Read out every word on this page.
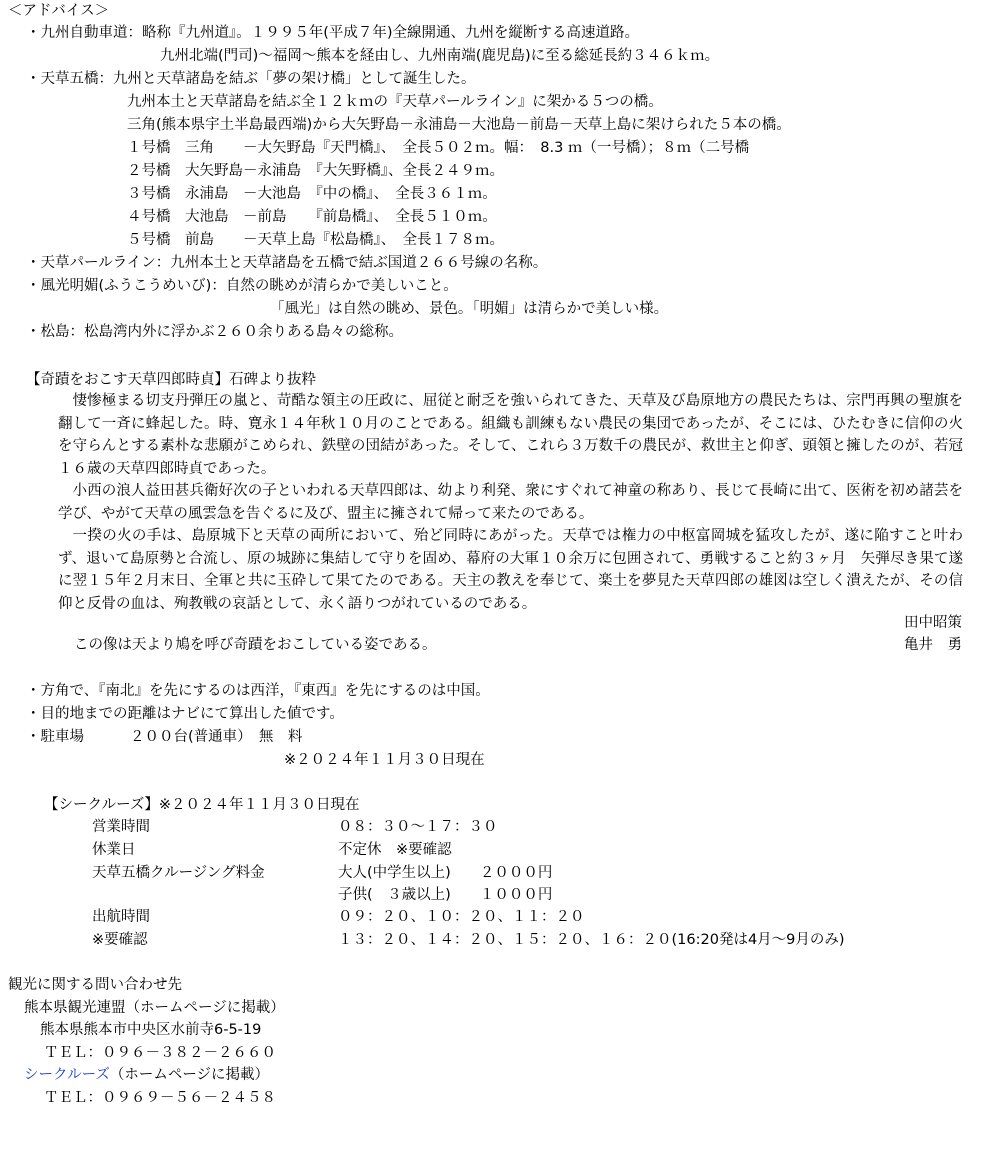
＜アドバイス＞
・九州自動車道：略称『九州道』。１９９５年(平成７年)全線開通、九州を縦断する高速道路。
九州北端(門司)～福岡～熊本を経由し、九州南端(鹿児島)に至る総延長約３４６ｋｍ。
・天草五橋：九州と天草諸島を結ぶ「夢の架け橋」として誕生した。
九州本土と天草諸島を結ぶ全１２ｋｍの『天草パールライン』に架かる５つの橋。
三角(熊本県宇土半島最西端)から大矢野島－永浦島－大池島－前島－天草上島に架けられた５本の橋。
１号橋　三角　　－大矢野島『天門橋』、　全長５０２ｍ。幅：　8.3 ｍ（一号橋）；８ｍ（二号橋
２号橋　大矢野島－永浦島　『大矢野橋』、全長２４９ｍ。
３号橋　永浦島　－大池島　『中の橋』、　全長３６１ｍ。
４号橋　大池島　－前島　　『前島橋』、　全長５１０ｍ。
５号橋　前島　　－天草上島『松島橋』、　全長１７８ｍ。
・天草パールライン：九州本土と天草諸島を五橋で結ぶ国道２６６号線の名称。
・風光明媚(ふうこうめいび)：自然の眺めが清らかで美しいこと。
「風光」は自然の眺め、景色。「明媚」は清らかで美しい様。
・松島：松島湾内外に浮かぶ２６０余りある島々の総称。
【奇蹟をおこす天草四郎時貞】石碑より抜粋

悽惨極まる切支丹弾圧の嵐と、苛酷な領主の圧政に、屈従と耐乏を強いられてきた、天草及び島原地方の農民たちは、宗門再興の聖旗を翻して一斉に蜂起した。時、寛永１４年秋１０月のことである。組織も訓練もない農民の集団であったが、そこには、ひたむきに信仰の火を守らんとする素朴な悲願がこめられ、鉄壁の団結があった。そして、これら３万数千の農民が、救世主と仰ぎ、頭領と擁したのが、若冠１６歳の天草四郎時貞であった。

小西の浪人益田甚兵衛好次の子といわれる天草四郎は、幼より利発、衆にすぐれて神童の称あり、長じて長崎に出て、医術を初め諸芸を学び、やがて天草の風雲急を告ぐるに及び、盟主に擁されて帰って来たのである。

一揆の火の手は、島原城下と天草の両所において、殆ど同時にあがった。天草では権力の中枢富岡城を猛攻したが、遂に陥すこと叶わず、退いて島原勢と合流し、原の城跡に集結して守りを固め、幕府の大軍１０余万に包囲されて、勇戦すること約３ヶ月　矢弾尽き果て遂に翌１５年２月末日、全軍と共に玉砕して果てたのである。天主の教えを奉じて、楽土を夢見た天草四郎の雄図は空しく潰えたが、その信仰と反骨の血は、殉教戦の哀話として、永く語りつがれているのである。

田中昭策
この像は天より鳩を呼び奇蹟をおこしている姿である。	亀井　勇
・方角で、『南北』を先にするのは西洋，『東西』を先にするのは中国。
・目的地までの距離はナビにて算出した値です。
・駐車場	２００台(普通車）　無　料
※２０２４年１１月３０日現在
【シークルーズ】※２０２４年１１月３０日現在
営業時間	０８：３０～１７：３０
休業日	不定休　※要確認
天草五橋クルージング料金	大人(中学生以上)　　２０００円
子供(　３歳以上)　　１０００円
出航時間	０９：２０、１０：２０、１１：２０
※要確認	１３：２０、１４：２０、１５：２０、１６：２０(16:20発は4月～9月のみ)
観光に関する問い合わせ先
熊本県観光連盟（ホームページに掲載）
熊本県熊本市中央区水前寺6-5-19
ＴＥＬ：０９６－３８２－２６６０
シークルーズ（ホームページに掲載）
ＴＥＬ：０９６９－５６－２４５８
